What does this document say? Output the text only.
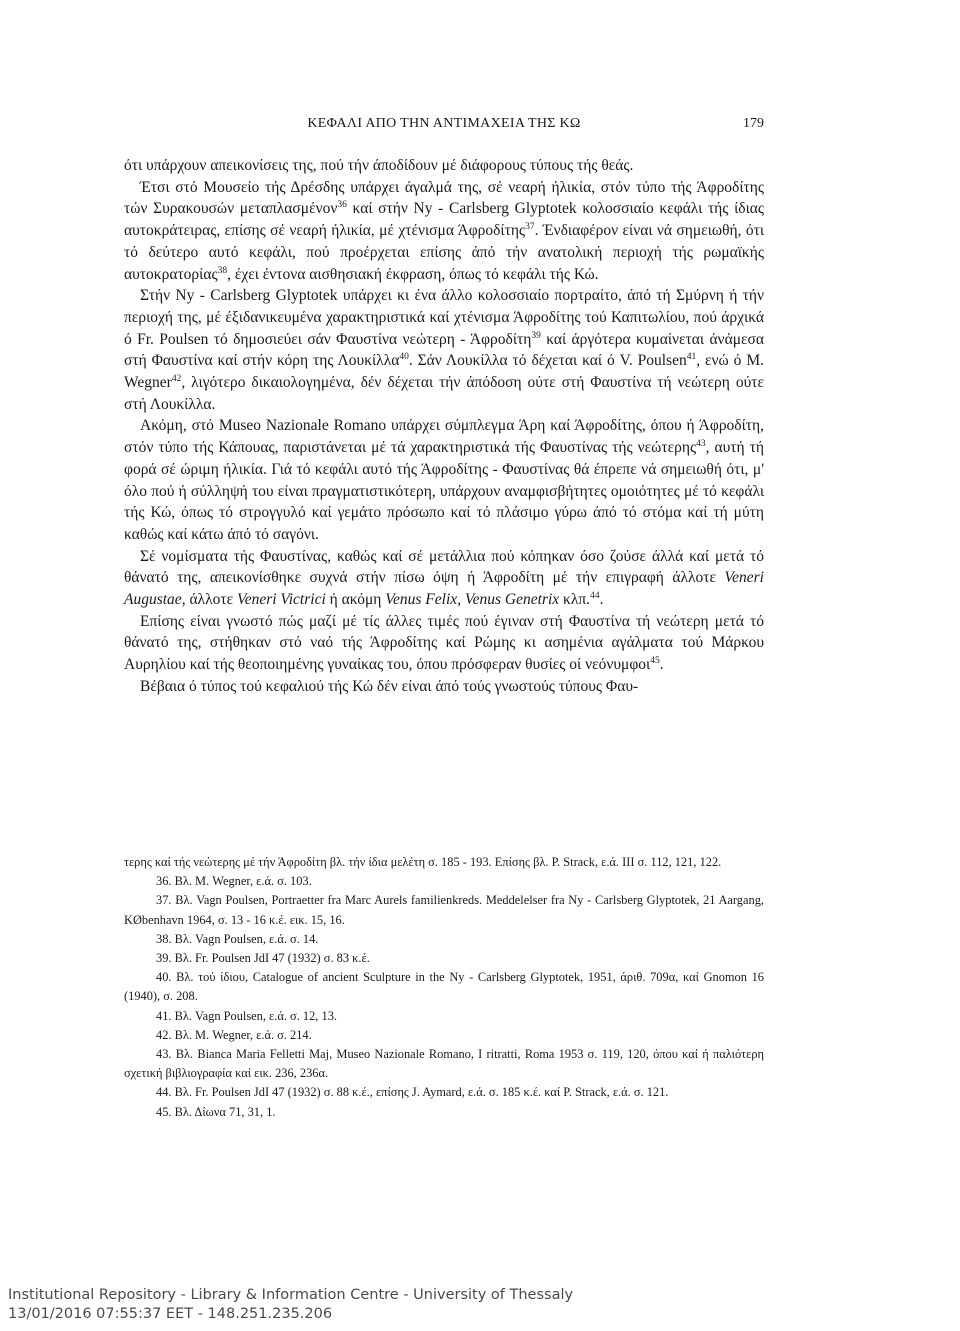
ΚΕΦΑΛΙ ΑΠΟ ΤΗΝ ΑΝΤΙΜΑΧΕΙΑ ΤΗΣ ΚΩ	179

ότι υπάρχουν απεικονίσεις της, πού τήν άποδίδουν μέ διάφορους τύπους τής θεάς.

Έτσι στό Μουσείο τής Δρέσδης υπάρχει άγαλμά της, σέ νεαρή ήλικία, στόν τύπο τής Άφροδίτης τών Συρακουσών μεταπλασμένον$^{36}$ καί στήν Ny - Carlsberg Glyptotek κολοσσιαίο κεφάλι τής ίδιας αυτοκράτειρας, επίσης σέ νεαρή ήλικία, μέ χτένισμα Άφροδίτης$^{37}$. Ένδιαφέρον είναι νά σημειωθή, ότι τό δεύτερο αυτό κεφάλι, πού προέρχεται επίσης άπό τήν ανατολική περιοχή τής ρωμαϊκής αυτοκρατορίας$^{38}$, έχει έντονα αισθησιακή έκφραση, όπως τό κεφάλι τής Κώ.

Στήν Ny - Carlsberg Glyptotek υπάρχει κι ένα άλλο κολοσσιαίο πορτραίτο, άπό τή Σμύρνη ή τήν περιοχή της, μέ έξιδανικευμένα χαρακτηριστικά καί χτένισμα Άφροδίτης τού Καπιτωλίου, πού άρχικά ό Fr. Poulsen τό δημοσιεύει σάν Φαυστίνα νεώτερη - Άφροδίτη$^{39}$ καί άργότερα κυμαίνεται άνάμεσα στή Φαυστίνα καί στήν κόρη της Λουκίλλα$^{40}$. Σάν Λουκίλλα τό δέχεται καί ό V. Poulsen$^{41}$, ενώ ό Μ. Wegner$^{42}$, λιγότερο δικαιολογημένα, δέν δέχεται τήν άπόδοση ούτε στή Φαυστίνα τή νεώτερη ούτε στή Λουκίλλα.

Ακόμη, στό Museo Nazionale Romano υπάρχει σύμπλεγμα Άρη καί Άφροδίτης, όπου ή Άφροδίτη, στόν τύπο τής Κάπουας, παριστάνεται μέ τά χαρακτηριστικά τής Φαυστίνας τής νεώτερης$^{43}$, αυτή τή φορά σέ ώριμη ήλικία. Γιά τό κεφάλι αυτό τής Άφροδίτης - Φαυστίνας θά έπρεπε νά σημειωθή ότι, μ' όλο πού ή σύλληψή του είναι πραγματιστικότερη, υπάρχουν αναμφισβήτητες ομοιότητες μέ τό κεφάλι τής Κώ, όπως τό στρογγυλό καί γεμάτο πρόσωπο καί τό πλάσιμο γύρω άπό τό στόμα καί τή μύτη καθώς καί κάτω άπό τό σαγόνι.

Σέ νομίσματα τής Φαυστίνας, καθώς καί σέ μετάλλια πού κόπηκαν όσο ζούσε άλλά καί μετά τό θάνατό της, απεικονίσθηκε συχνά στήν πίσω όψη ή Άφροδίτη μέ τήν επιγραφή άλλοτε Veneri Augustae, άλλοτε Veneri Victrici ή ακόμη Venus Felix, Venus Genetrix κλπ.$^{44}$.

Επίσης είναι γνωστό πώς μαζί μέ τίς άλλες τιμές πού έγιναν στή Φαυστίνα τή νεώτερη μετά τό θάνατό της, στήθηκαν στό ναό τής Άφροδίτης καί Ρώμης κι ασημένια αγάλματα τού Μάρκου Αυρηλίου καί τής θεοποιημένης γυναίκας του, όπου πρόσφεραν θυσίες οί νεόνυμφοι$^{45}$.

Βέβαια ό τύπος τού κεφαλιού τής Κώ δέν είναι άπό τούς γνωστούς τύπους Φαυ-

τερης καί τής νεώτερης μέ τήν Άφροδίτη βλ. τήν ίδια μελέτη σ. 185 - 193. Επίσης βλ. P. Strack, ε.ά. III σ. 112, 121, 122.

36. Βλ. Μ. Wegner, ε.ά. σ. 103.

37. Βλ. Vagn Poulsen, Portraetter fra Marc Aurels familienkreds. Meddelelser fra Ny - Carlsberg Glyptotek, 21 Aargang, KØbenhavn 1964, σ. 13 - 16 κ.έ. εικ. 15, 16.

38. Βλ. Vagn Poulsen, ε.ά. σ. 14.

39. Βλ. Fr. Poulsen JdI 47 (1932) σ. 83 κ.έ.

40. Βλ. τού ίδιου, Catalogue of ancient Sculpture in the Ny - Carlsberg Glyptotek, 1951, άριθ. 709α, καί Gnomon 16 (1940), σ. 208.

41. Βλ. Vagn Poulsen, ε.ά. σ. 12, 13.

42. Βλ. Μ. Wegner, ε.ά. σ. 214.

43. Βλ. Bianca Maria Felletti Maj, Museo Nazionale Romano, I ritratti, Roma 1953 σ. 119, 120, όπου καί ή παλιότερη σχετική βιβλιογραφία καί εικ. 236, 236α.

44. Βλ. Fr. Poulsen JdI 47 (1932) σ. 88 κ.έ., επίσης J. Aymard, ε.ά. σ. 185 κ.έ. καί P. Strack, ε.ά. σ. 121.

45. Βλ. Δίωνα 71, 31, 1.

Institutional Repository - Library & Information Centre - University of Thessaly
13/01/2016 07:55:37 EET - 148.251.235.206
